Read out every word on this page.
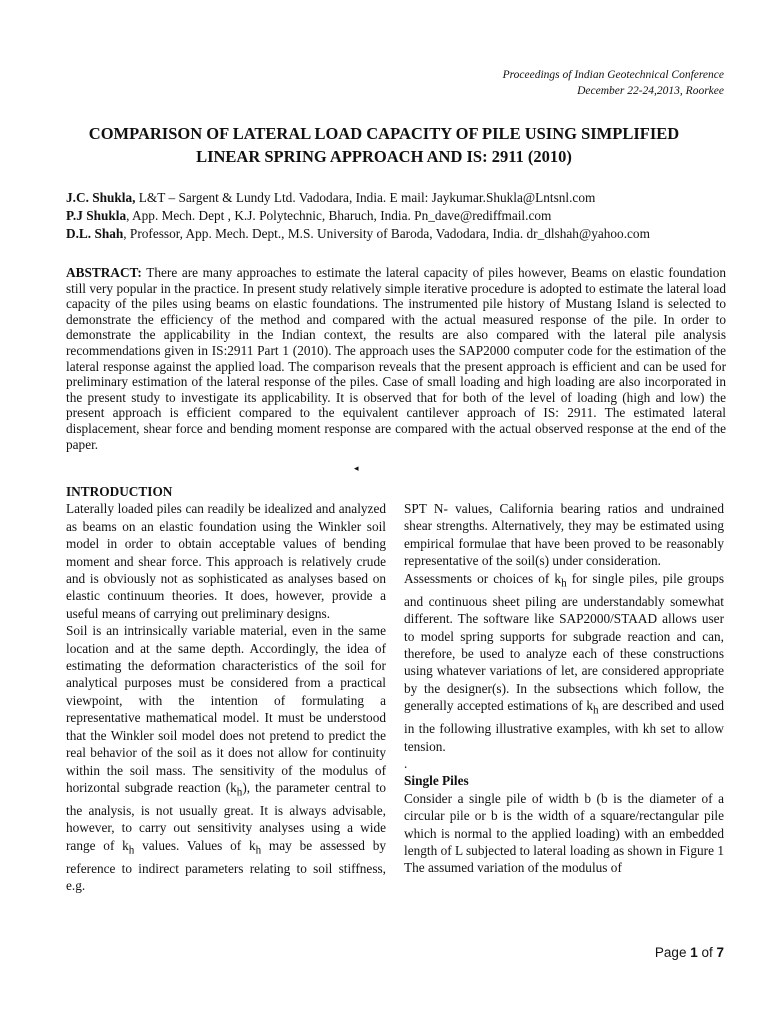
Proceedings of Indian Geotechnical Conference
December 22-24,2013, Roorkee
COMPARISON OF LATERAL LOAD CAPACITY OF PILE USING SIMPLIFIED
LINEAR SPRING APPROACH AND IS: 2911 (2010)
J.C. Shukla, L&T – Sargent & Lundy Ltd. Vadodara, India. E mail: Jaykumar.Shukla@Lntsnl.com
P.J Shukla, App. Mech. Dept , K.J. Polytechnic, Bharuch, India. Pn_dave@rediffmail.com
D.L. Shah, Professor, App. Mech. Dept., M.S. University of Baroda, Vadodara, India. dr_dlshah@yahoo.com
ABSTRACT: There are many approaches to estimate the lateral capacity of piles however, Beams on elastic foundation still very popular in the practice. In present study relatively simple iterative procedure is adopted to estimate the lateral load capacity of the piles using beams on elastic foundations. The instrumented pile history of Mustang Island is selected to demonstrate the efficiency of the method and compared with the actual measured response of the pile. In order to demonstrate the applicability in the Indian context, the results are also compared with the lateral pile analysis recommendations given in IS:2911 Part 1 (2010). The approach uses the SAP2000 computer code for the estimation of the lateral response against the applied load. The comparison reveals that the present approach is efficient and can be used for preliminary estimation of the lateral response of the piles. Case of small loading and high loading are also incorporated in the present study to investigate its applicability. It is observed that for both of the level of loading (high and low) the present approach is efficient compared to the equivalent cantilever approach of IS: 2911. The estimated lateral displacement, shear force and bending moment response are compared with the actual observed response at the end of the paper.
◂

INTRODUCTION

Laterally loaded piles can readily be idealized and analyzed as beams on an elastic foundation using the Winkler soil model in order to obtain acceptable values of bending moment and shear force. This approach is relatively crude and is obviously not as sophisticated as analyses based on elastic continuum theories. It does, however, provide a useful means of carrying out preliminary designs.

Soil is an intrinsically variable material, even in the same location and at the same depth. Accordingly, the idea of estimating the deformation characteristics of the soil for analytical purposes must be considered from a practical viewpoint, with the intention of formulating a representative mathematical model. It must be understood that the Winkler soil model does not pretend to predict the real behavior of the soil as it does not allow for continuity within the soil mass. The sensitivity of the modulus of horizontal subgrade reaction $(k_h)$, the parameter central to the analysis, is not usually great. It is always advisable, however, to carry out sensitivity analyses using a wide range of $k_h$ values. Values of $k_h$ may be assessed by reference to indirect parameters relating to soil stiffness, e.g.

SPT N- values, California bearing ratios and undrained shear strengths. Alternatively, they may be estimated using empirical formulae that have been proved to be reasonably representative of the soil(s) under consideration.

Assessments or choices of $k_h$ for single piles, pile groups and continuous sheet piling are understandably somewhat different. The software like SAP2000/STAAD allows user to model spring supports for subgrade reaction and can, therefore, be used to analyze each of these constructions using whatever variations of let, are considered appropriate by the designer(s). In the subsections which follow, the generally accepted estimations of $k_h$ are described and used in the following illustrative examples, with kh set to allow tension.

.

Single Piles

Consider a single pile of width b (b is the diameter of a circular pile or b is the width of a square/rectangular pile which is normal to the applied loading) with an embedded length of L subjected to lateral loading as shown in Figure 1 The assumed variation of the modulus of

Page 1 of 7
